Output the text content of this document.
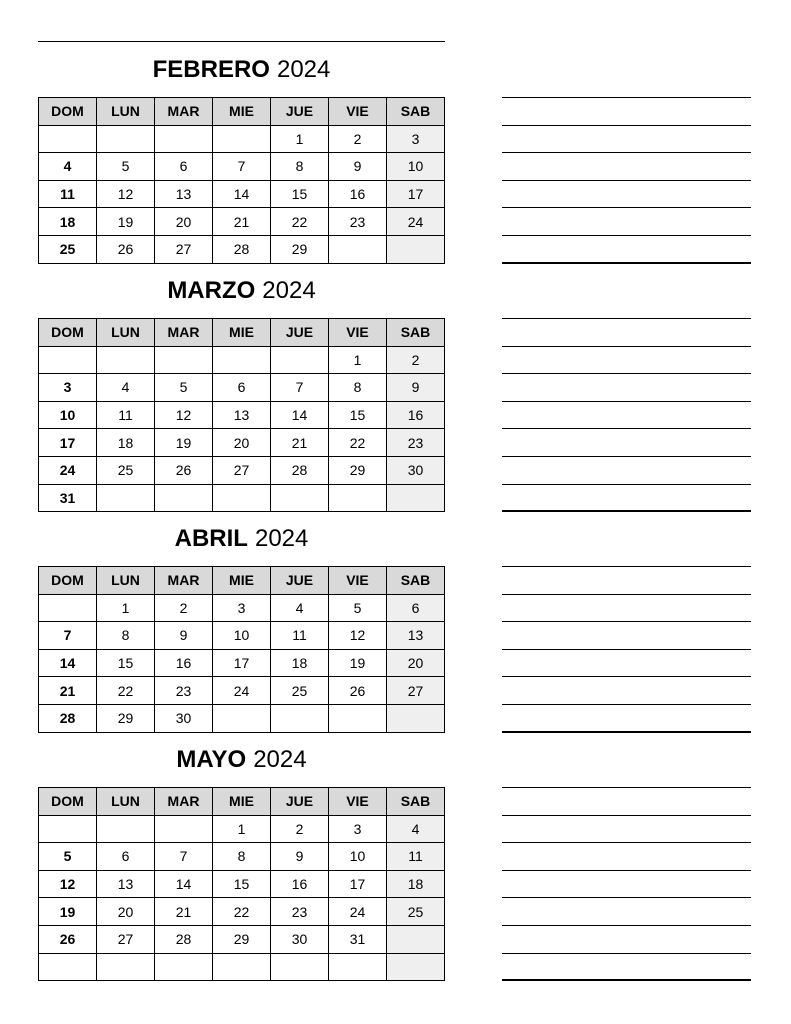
FEBRERO 2024
DOM	LUN	MAR	MIE	JUE	VIE	SAB
				1	2	3
4	5	6	7	8	9	10
11	12	13	14	15	16	17
18	19	20	21	22	23	24
25	26	27	28	29		
MARZO 2024
DOM	LUN	MAR	MIE	JUE	VIE	SAB
					1	2
3	4	5	6	7	8	9
10	11	12	13	14	15	16
17	18	19	20	21	22	23
24	25	26	27	28	29	30
31						
ABRIL 2024
DOM	LUN	MAR	MIE	JUE	VIE	SAB
	1	2	3	4	5	6
7	8	9	10	11	12	13
14	15	16	17	18	19	20
21	22	23	24	25	26	27
28	29	30				
MAYO 2024
DOM	LUN	MAR	MIE	JUE	VIE	SAB
			1	2	3	4
5	6	7	8	9	10	11
12	13	14	15	16	17	18
19	20	21	22	23	24	25
26	27	28	29	30	31	
